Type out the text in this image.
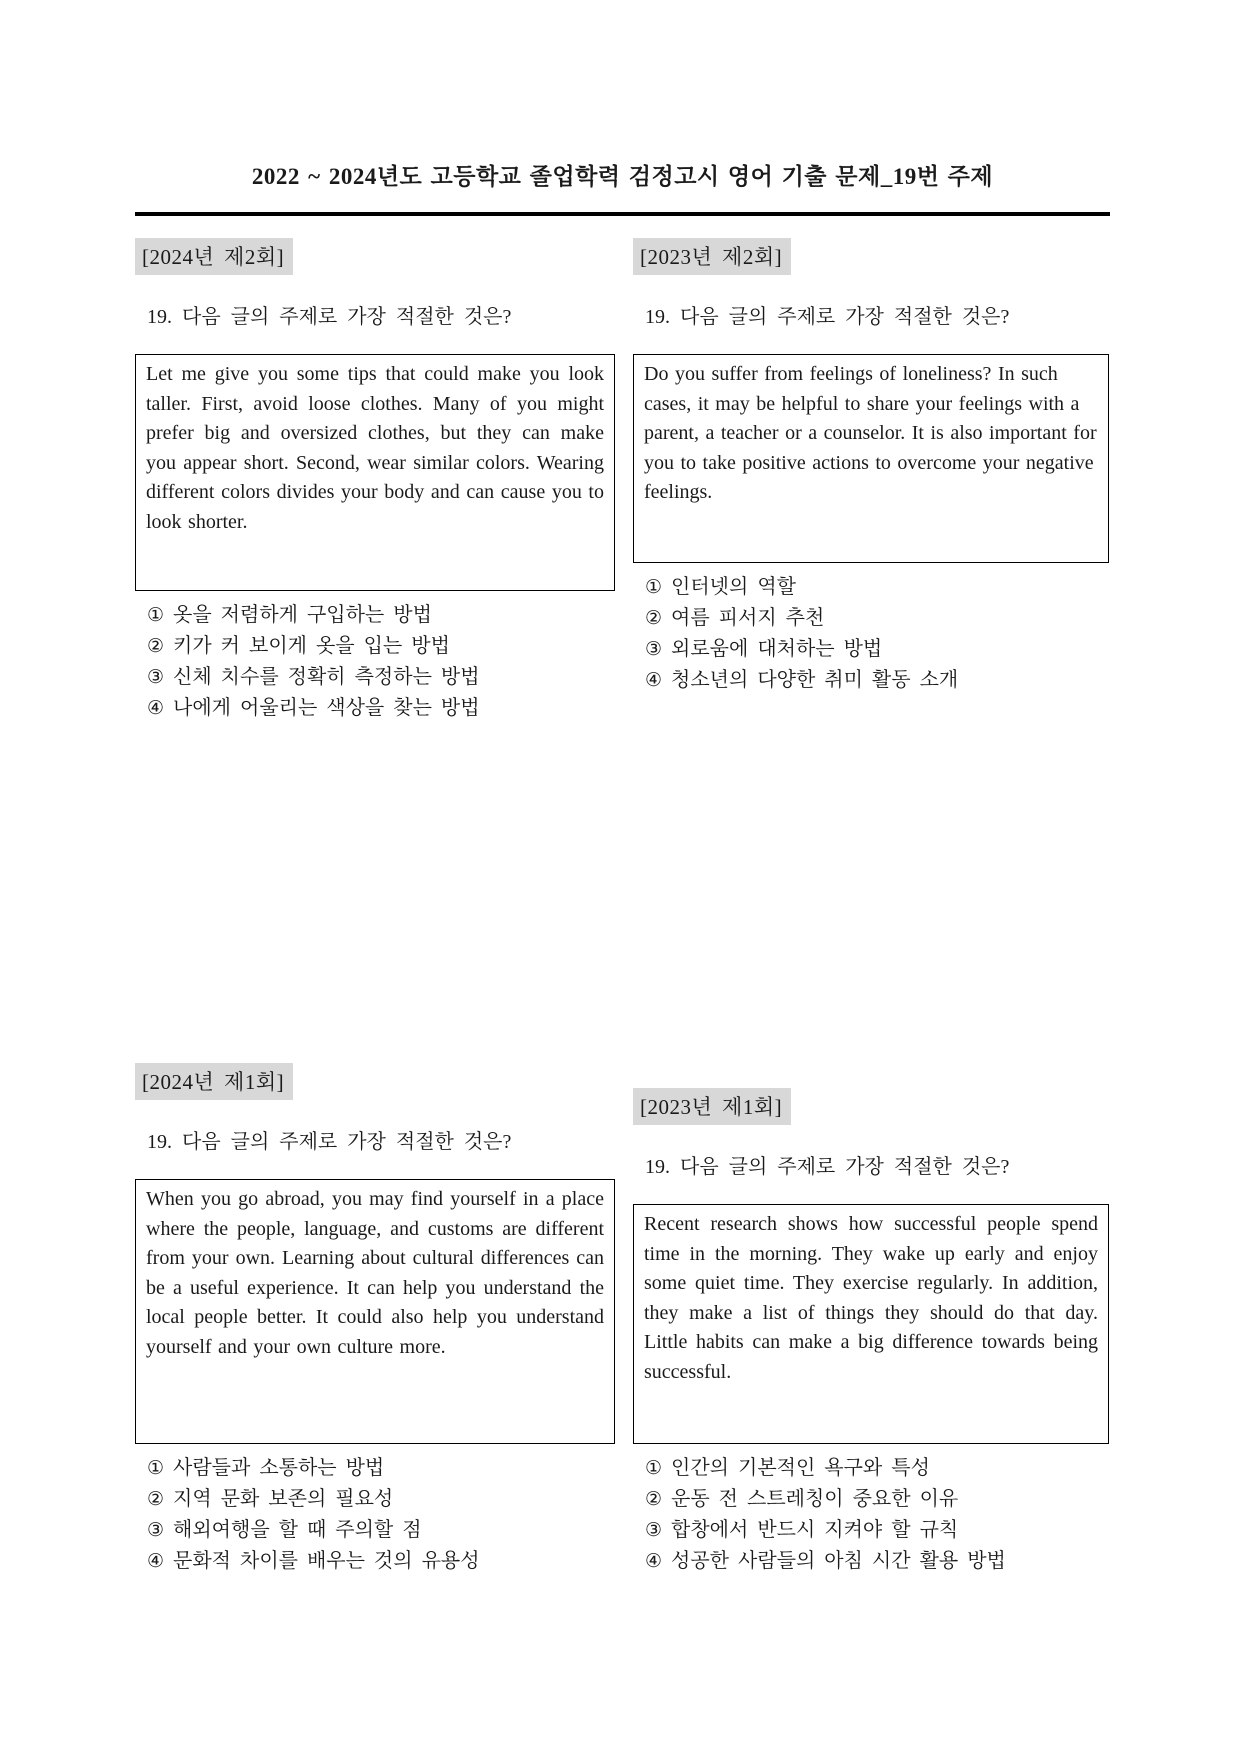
2022 ~ 2024년도 고등학교 졸업학력 검정고시 영어 기출 문제_19번 주제
[2024년 제2회]
19. 다음 글의 주제로 가장 적절한 것은?
Let me give you some tips that could make you look taller. First, avoid loose clothes. Many of you might prefer big and oversized clothes, but they can make you appear short. Second, wear similar colors. Wearing different colors divides your body and can cause you to look shorter.
① 옷을 저렴하게 구입하는 방법
② 키가 커 보이게 옷을 입는 방법
③ 신체 치수를 정확히 측정하는 방법
④ 나에게 어울리는 색상을 찾는 방법
[2023년 제2회]
19. 다음 글의 주제로 가장 적절한 것은?
Do you suffer from feelings of loneliness? In such cases, it may be helpful to share your feelings with a parent, a teacher or a counselor. It is also important for you to take positive actions to overcome your negative feelings.
① 인터넷의 역할
② 여름 피서지 추천
③ 외로움에 대처하는 방법
④ 청소년의 다양한 취미 활동 소개
[2024년 제1회]
19. 다음 글의 주제로 가장 적절한 것은?
When you go abroad, you may find yourself in a place where the people, language, and customs are different from your own. Learning about cultural differences can be a useful experience. It can help you understand the local people better. It could also help you understand yourself and your own culture more.
① 사람들과 소통하는 방법
② 지역 문화 보존의 필요성
③ 해외여행을 할 때 주의할 점
④ 문화적 차이를 배우는 것의 유용성
[2023년 제1회]
19. 다음 글의 주제로 가장 적절한 것은?
Recent research shows how successful people spend time in the morning. They wake up early and enjoy some quiet time. They exercise regularly. In addition, they make a list of things they should do that day. Little habits can make a big difference towards being successful.
① 인간의 기본적인 욕구와 특성
② 운동 전 스트레칭이 중요한 이유
③ 합창에서 반드시 지켜야 할 규칙
④ 성공한 사람들의 아침 시간 활용 방법
